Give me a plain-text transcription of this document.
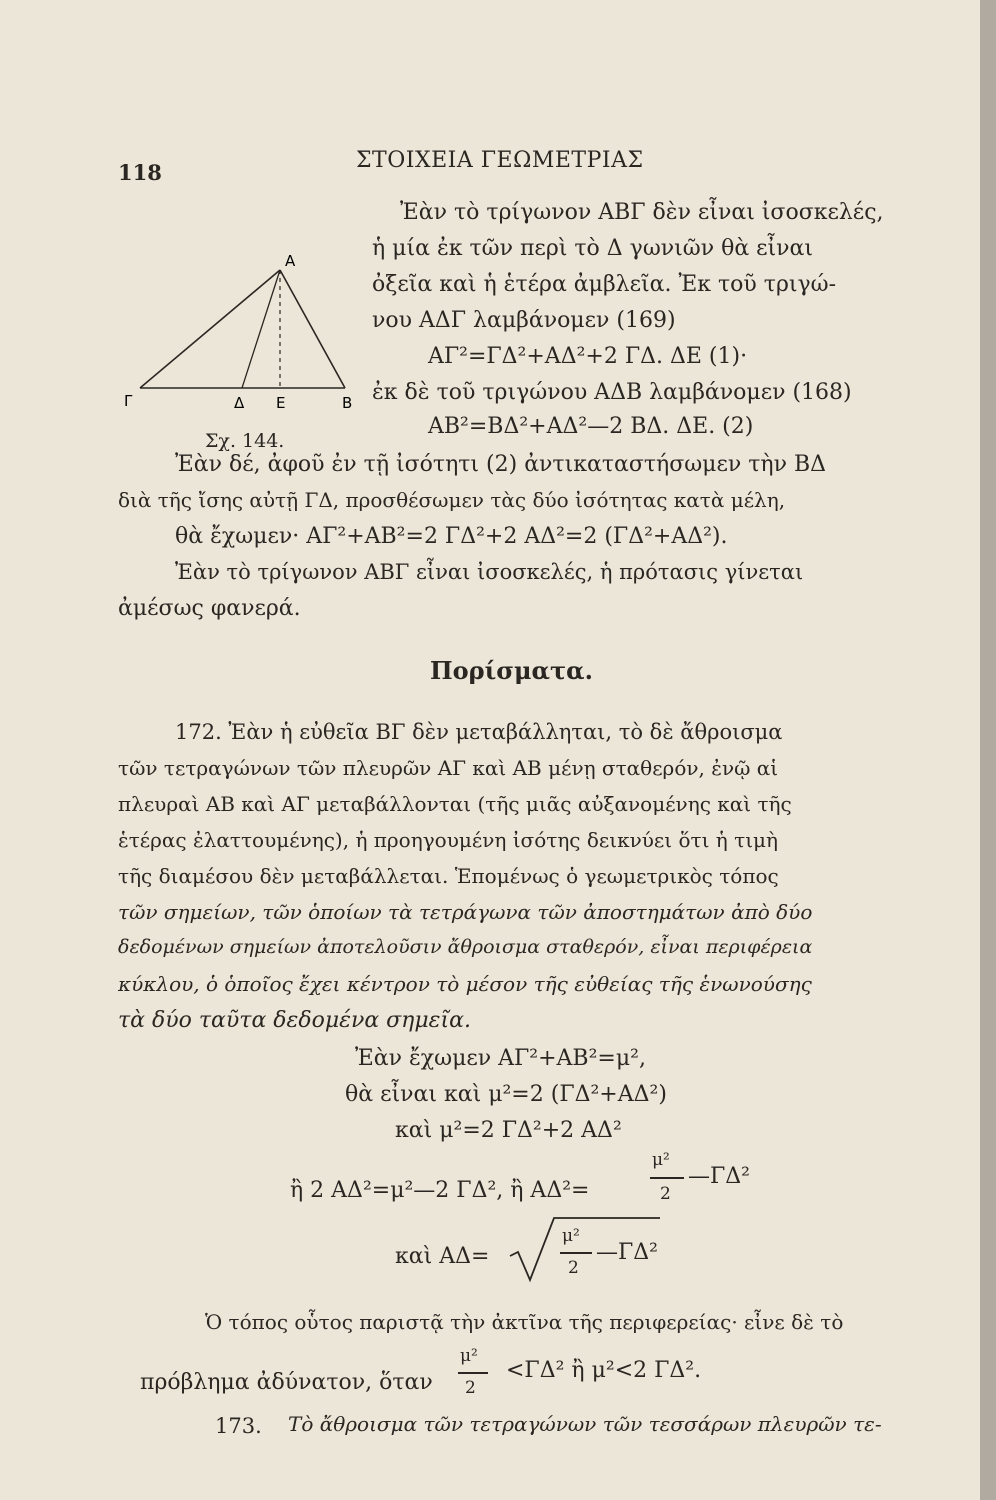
118	ΣΤΟΙΧΕΙΑ ΓΕΩΜΕΤΡΙΑΣ
Α
Γ	Δ Ε	Β
Σχ. 144.
Ἐὰν τὸ τρίγωνον ΑΒΓ δὲν εἶναι ἰσοσκελές,
ἡ μία ἐκ τῶν περὶ τὸ Δ γωνιῶν θὰ εἶναι
ὀξεῖα καὶ ἡ ἑτέρα ἀμβλεῖα. Ἐκ τοῦ τριγώ-
νου ΑΔΓ λαμβάνομεν (169)
ΑΓ²=ΓΔ²+ΑΔ²+2 ΓΔ. ΔΕ (1)·
ἐκ δὲ τοῦ τριγώνου ΑΔΒ λαμβάνομεν (168)
ΑΒ²=ΒΔ²+ΑΔ²—2 ΒΔ. ΔΕ. (2)
Ἐὰν δέ, ἀφοῦ ἐν τῇ ἰσότητι (2) ἀντικαταστήσωμεν τὴν ΒΔ
διὰ τῆς ἴσης αὐτῇ ΓΔ, προσθέσωμεν τὰς δύο ἰσότητας κατὰ μέλη,
θὰ ἔχωμεν· ΑΓ²+ΑΒ²=2 ΓΔ²+2 ΑΔ²=2 (ΓΔ²+ΑΔ²).
Ἐὰν τὸ τρίγωνον ΑΒΓ εἶναι ἰσοσκελές, ἡ πρότασις γίνεται
ἀμέσως φανερά.
Πορίσματα.
172. Ἐὰν ἡ εὐθεῖα ΒΓ δὲν μεταβάλληται, τὸ δὲ ἄθροισμα
τῶν τετραγώνων τῶν πλευρῶν ΑΓ καὶ ΑΒ μένῃ σταθερόν, ἐνῷ αἱ
πλευραὶ ΑΒ καὶ ΑΓ μεταβάλλονται (τῆς μιᾶς αὐξανομένης καὶ τῆς
ἑτέρας ἐλαττουμένης), ἡ προηγουμένη ἰσότης δεικνύει ὅτι ἡ τιμὴ
τῆς διαμέσου δὲν μεταβάλλεται. Ἑπομένως ὁ γεωμετρικὸς τόπος
τῶν σημείων, τῶν ὁποίων τὰ τετράγωνα τῶν ἀποστημάτων ἀπὸ δύο
δεδομένων σημείων ἀποτελοῦσιν ἄθροισμα σταθερόν, εἶναι περιφέρεια
κύκλου, ὁ ὁποῖος ἔχει κέντρον τὸ μέσον τῆς εὐθείας τῆς ἑνωνούσης
τὰ δύο ταῦτα δεδομένα σημεῖα.
Ἐὰν ἔχωμεν ΑΓ²+ΑΒ²=μ²,
θὰ εἶναι καὶ μ²=2 (ΓΔ²+ΑΔ²)
καὶ μ²=2 ΓΔ²+2 ΑΔ²
ἢ 2 ΑΔ²=μ²—2 ΓΔ², ἢ ΑΔ²=
μ²
2
—ΓΔ²
καὶ ΑΔ=
μ²
2
—ΓΔ²
Ὁ τόπος οὗτος παριστᾷ τὴν ἀκτῖνα τῆς περιφερείας· εἶνε δὲ τὸ
πρόβλημα ἀδύνατον, ὅταν
μ²
2
<ΓΔ² ἢ μ²<2 ΓΔ².
173. Τὸ ἄθροισμα τῶν τετραγώνων τῶν τεσσάρων πλευρῶν τε-
